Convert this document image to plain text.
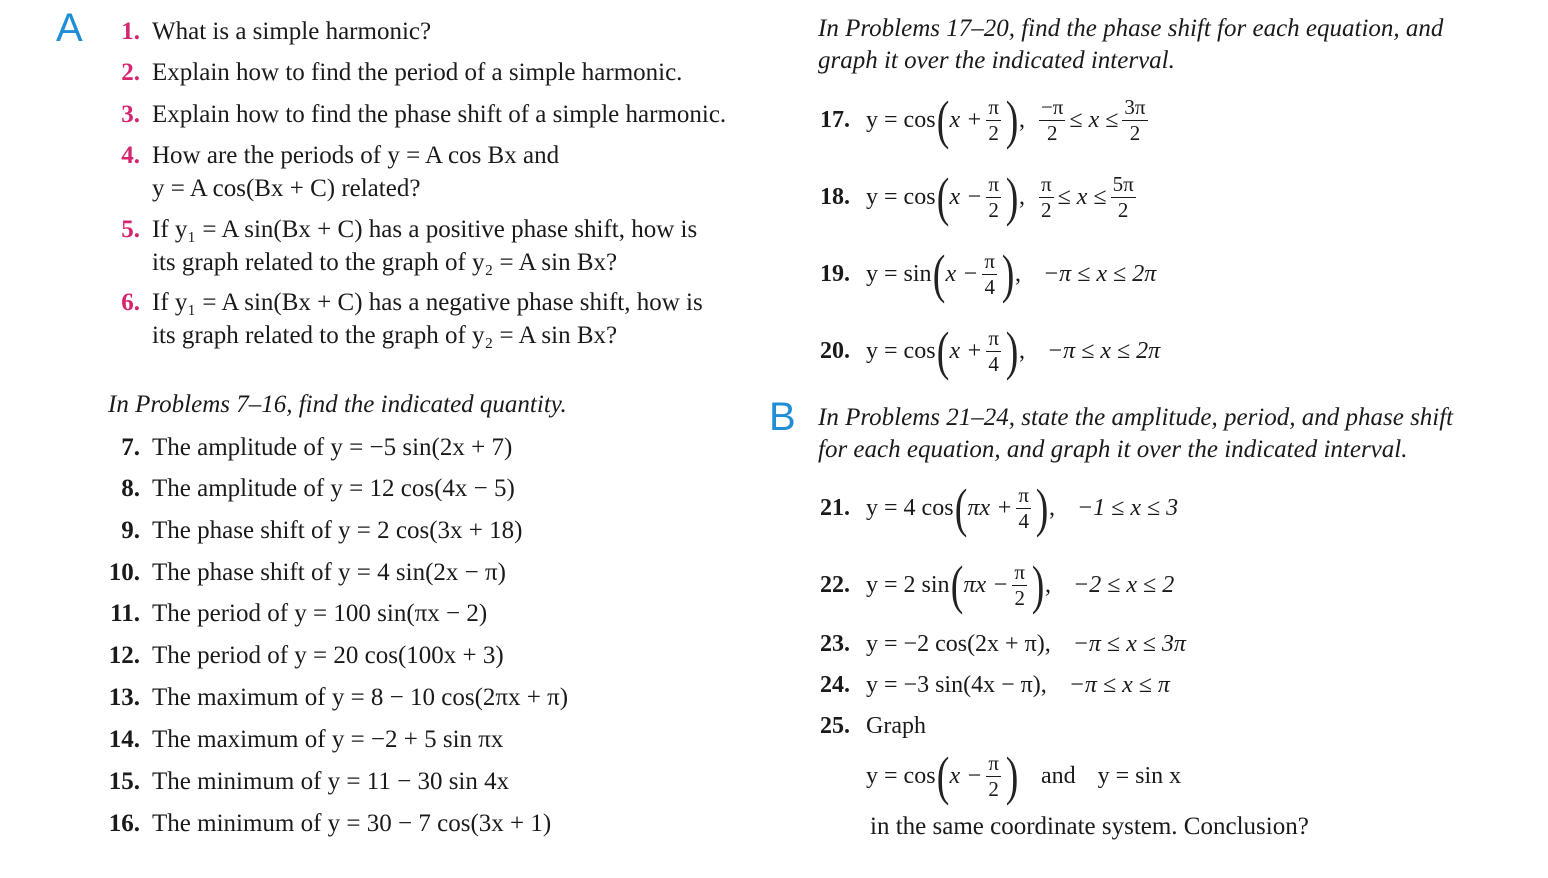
A	1. What is a simple harmonic?
2. Explain how to find the period of a simple harmonic.
3. Explain how to find the phase shift of a simple harmonic.
4. How are the periods of y = A cos Bx and
y = A cos(Bx + C) related?
5. If y₁ = A sin(Bx + C) has a positive phase shift, how is
its graph related to the graph of y₂ = A sin Bx?
6. If y₁ = A sin(Bx + C) has a negative phase shift, how is
its graph related to the graph of y₂ = A sin Bx?
In Problems 7–16, find the indicated quantity.
7. The amplitude of y = −5 sin(2x + 7)
8. The amplitude of y = 12 cos(4x − 5)
9. The phase shift of y = 2 cos(3x + 18)
10. The phase shift of y = 4 sin(2x − π)
11. The period of y = 100 sin(πx − 2)
12. The period of y = 20 cos(100x + 3)
13. The maximum of y = 8 − 10 cos(2πx + π)
14. The maximum of y = −2 + 5 sin πx
15. The minimum of y = 11 − 30 sin 4x
16. The minimum of y = 30 − 7 cos(3x + 1)
In Problems 17–20, find the phase shift for each equation, and
graph it over the indicated interval.
17. y = cos ( $x + \frac{\pi}{2}$ ) , $\frac{-\pi}{2} \le x \le \frac{3\pi}{2}$
18. y = cos ( $x - \frac{\pi}{2}$ ) , $\frac{\pi}{2} \le x \le \frac{5\pi}{2}$
19. y = sin ( $x - \frac{\pi}{4}$ ) , −π ≤ x ≤ 2π
20. y = cos ( $x + \frac{\pi}{4}$ ) , −π ≤ x ≤ 2π
B In Problems 21–24, state the amplitude, period, and phase shift
for each equation, and graph it over the indicated interval.
21. y = 4 cos ( $\pi x + \frac{\pi}{4}$ ) , −1 ≤ x ≤ 3
22. y = 2 sin ( $\pi x - \frac{\pi}{2}$ ) , −2 ≤ x ≤ 2
23. y = −2 cos(2x + π), −π ≤ x ≤ 3π
24. y = −3 sin(4x − π), −π ≤ x ≤ π
25. Graph
y = cos ( $x - \frac{\pi}{2}$ ) and y = sin x
in the same coordinate system. Conclusion?
